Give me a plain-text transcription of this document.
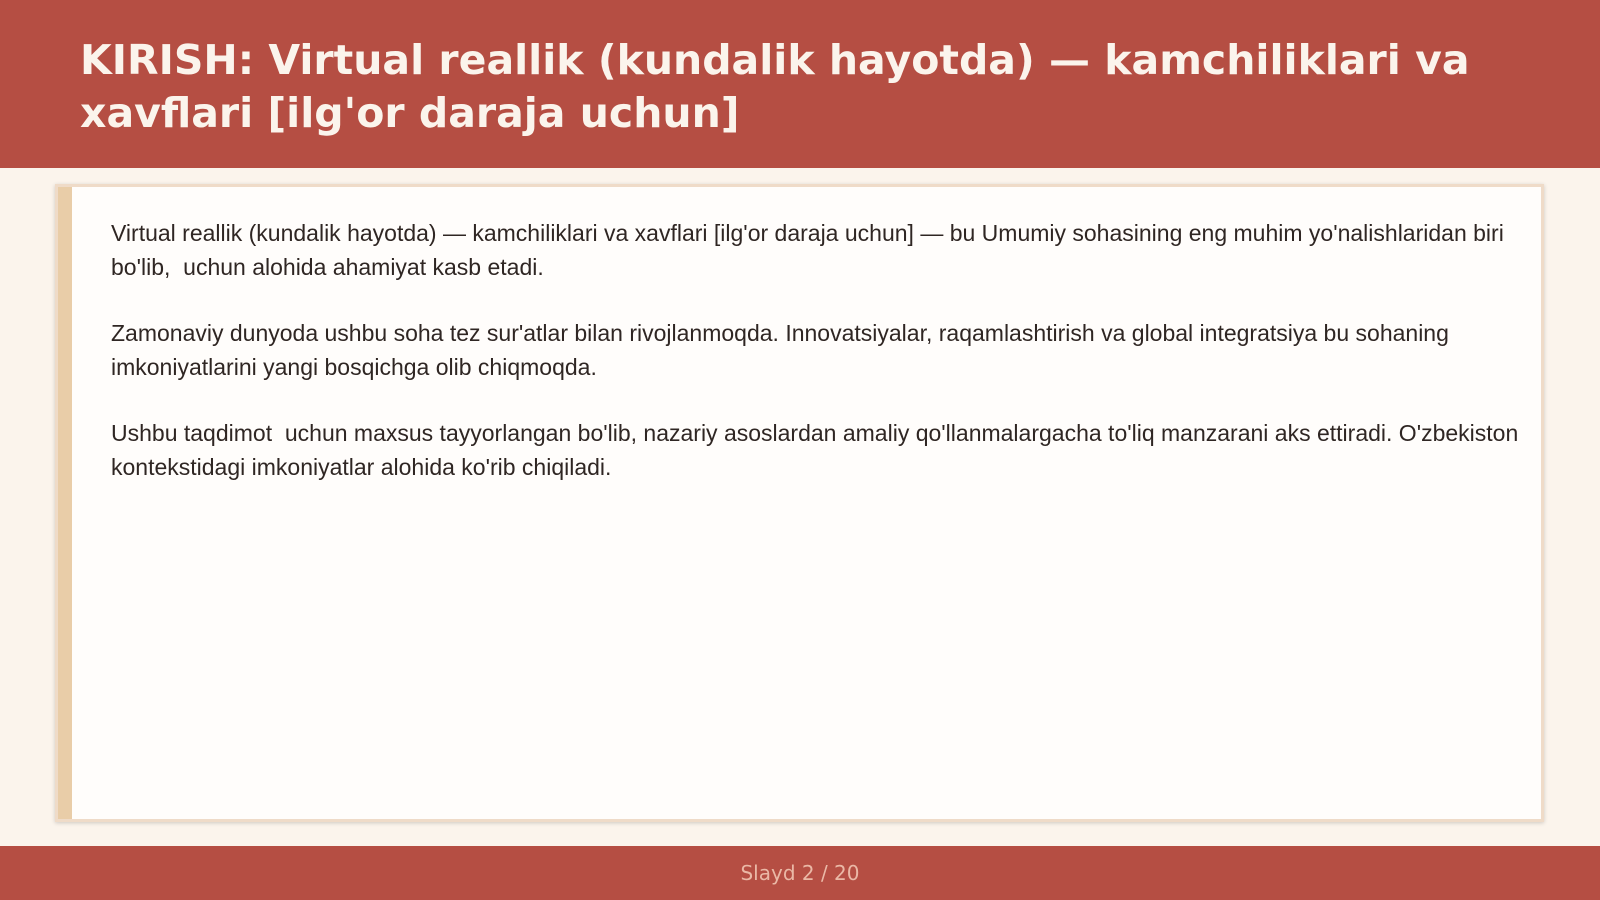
KIRISH: Virtual reallik (kundalik hayotda) — kamchiliklari va xavflari [ilg'or daraja uchun]

Virtual reallik (kundalik hayotda) — kamchiliklari va xavflari [ilg'or daraja uchun] — bu Umumiy sohasining eng muhim yo'nalishlaridan biri bo'lib,  uchun alohida ahamiyat kasb etadi.

Zamonaviy dunyoda ushbu soha tez sur'atlar bilan rivojlanmoqda. Innovatsiyalar, raqamlashtirish va global integratsiya bu sohaning imkoniyatlarini yangi bosqichga olib chiqmoqda.

Ushbu taqdimot  uchun maxsus tayyorlangan bo'lib, nazariy asoslardan amaliy qo'llanmalargacha to'liq manzarani aks ettiradi. O'zbekiston kontekstidagi imkoniyatlar alohida ko'rib chiqiladi.

Slayd 2 / 20
